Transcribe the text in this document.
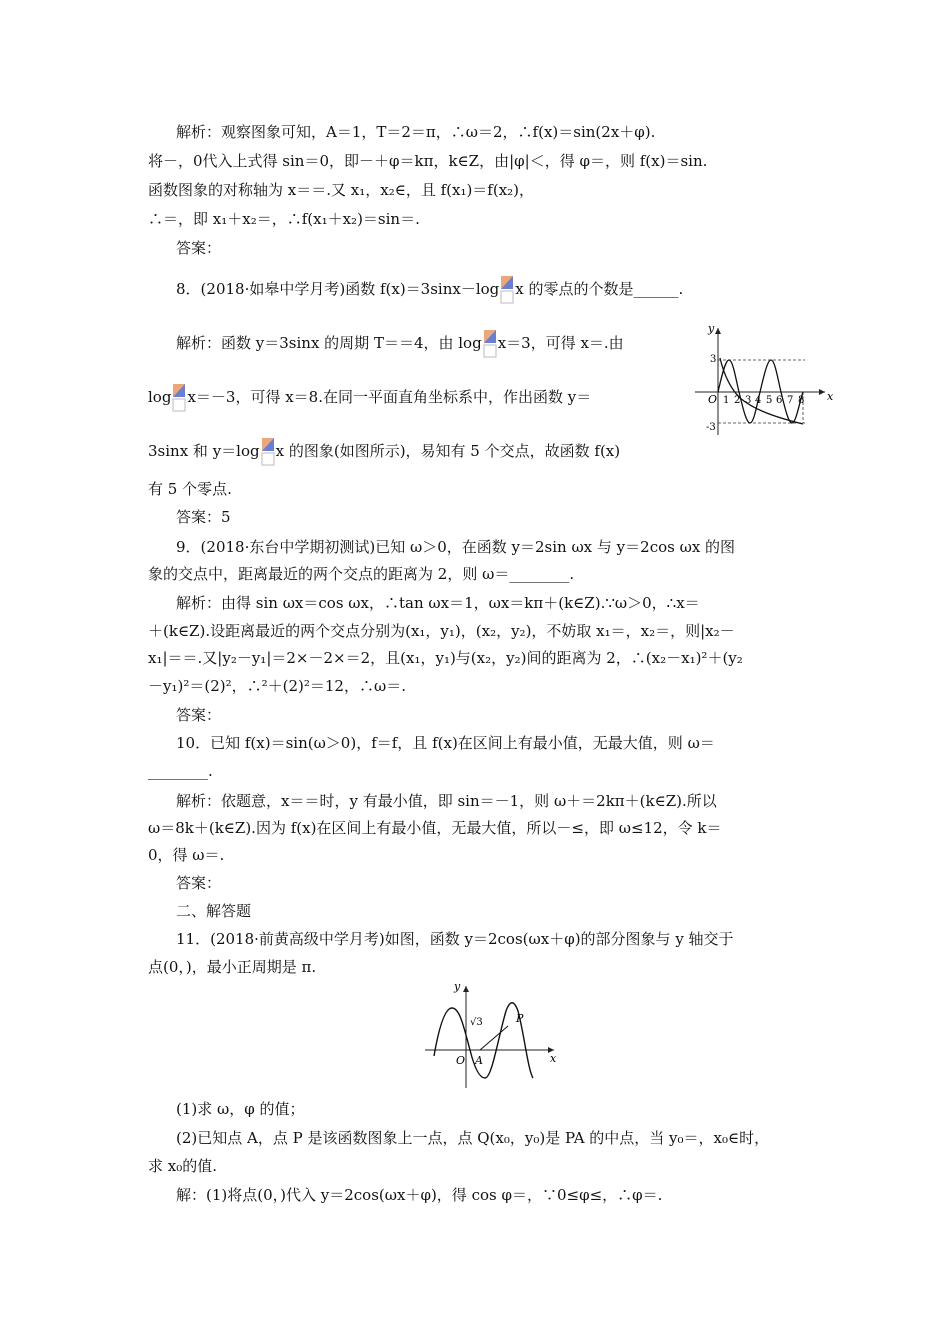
解析：观察图象可知，A＝1，T＝2＝π，∴ω＝2，∴f(x)＝sin(2x＋φ).
将－，0代入上式得 sin＝0，即－＋φ＝kπ，k∈Z，由|φ|＜，得 φ＝，则 f(x)＝sin.
函数图象的对称轴为 x＝＝.又 x₁，x₂∈，且 f(x₁)＝f(x₂)，
∴＝，即 x₁＋x₂＝，∴f(x₁＋x₂)＝sin＝.
答案：
8．(2018·如皋中学月考)函数 f(x)＝3sinx－log x 的零点的个数是______.
解析：函数 y＝3sinx 的周期 T＝＝4，由 log x＝3，可得 x＝.由
log x＝－3，可得 x＝8.在同一平面直角坐标系中，作出函数 y＝
3sinx 和 y＝log x 的图象(如图所示)，易知有 5 个交点，故函数 f(x)
有 5 个零点.
答案：5
y
x
O
3
-3
1 2 3 4 5 6 7 8
9．(2018·东台中学期初测试)已知 ω＞0，在函数 y＝2sin ωx 与 y＝2cos ωx 的图
象的交点中，距离最近的两个交点的距离为 2，则 ω＝________.
解析：由得 sin ωx＝cos ωx，∴tan ωx＝1，ωx＝kπ＋(k∈Z).∵ω＞0，∴x＝
＋(k∈Z).设距离最近的两个交点分别为(x₁，y₁)，(x₂，y₂)，不妨取 x₁＝，x₂＝，则|x₂－
x₁|＝＝.又|y₂－y₁|＝2×－2×＝2，且(x₁，y₁)与(x₂，y₂)间的距离为 2，∴(x₂－x₁)²＋(y₂
－y₁)²＝(2)²，∴²＋(2)²＝12，∴ω＝.
答案：
10．已知 f(x)＝sin(ω＞0)，f＝f，且 f(x)在区间上有最小值，无最大值，则 ω＝
________.
解析：依题意，x＝＝时，y 有最小值，即 sin＝－1，则 ω＋＝2kπ＋(k∈Z).所以
ω＝8k＋(k∈Z).因为 f(x)在区间上有最小值，无最大值，所以－≤，即 ω≤12，令 k＝
0，得 ω＝.
答案：
二、解答题
11．(2018·前黄高级中学月考)如图，函数 y＝2cos(ωx＋φ)的部分图象与 y 轴交于
点(0，)，最小正周期是 π.
y
x
O
√3
A
P
(1)求 ω，φ 的值；
(2)已知点 A，点 P 是该函数图象上一点，点 Q(x₀，y₀)是 PA 的中点，当 y₀＝，x₀∈时，
求 x₀的值.
解：(1)将点(0，)代入 y＝2cos(ωx＋φ)，得 cos φ＝，∵0≤φ≤，∴φ＝.
